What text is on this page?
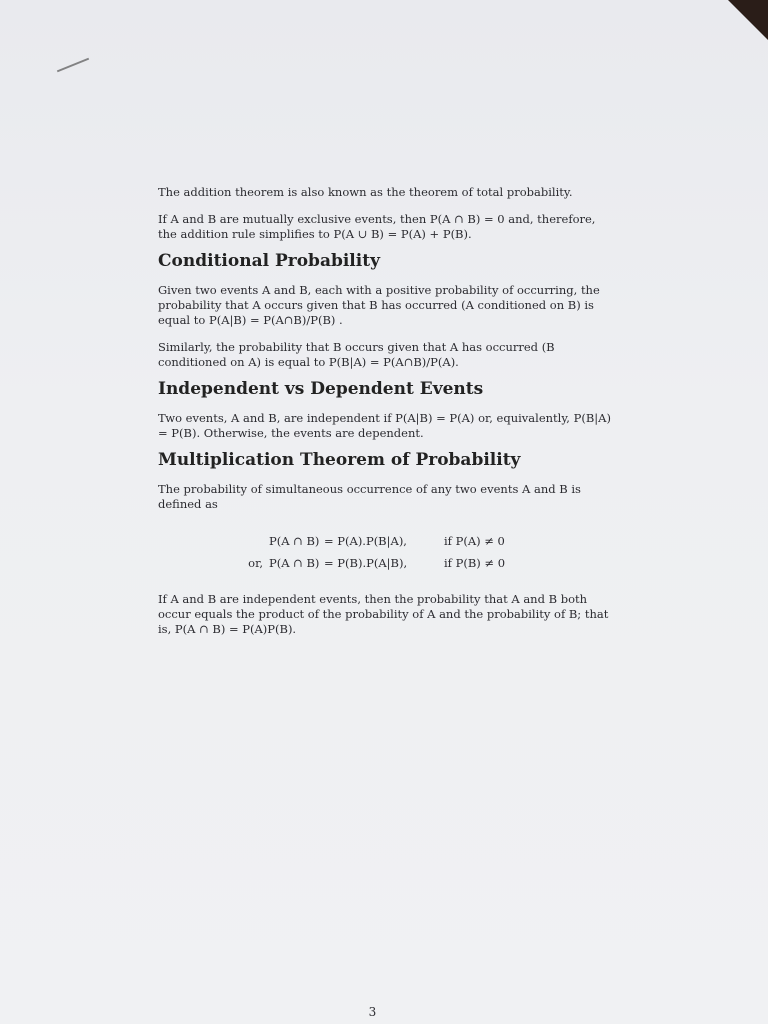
The addition theorem is also known as the theorem of total probability.

If A and B are mutually exclusive events, then P(A ∩ B) = 0 and, therefore, the addition rule simplifies to P(A ∪ B) = P(A) + P(B).

Conditional Probability

Given two events A and B, each with a positive probability of occurring, the probability that A occurs given that B has occurred (A conditioned on B) is equal to P(A|B) = P(A∩B)/P(B) .

Similarly, the probability that B occurs given that A has occurred (B conditioned on A) is equal to P(B|A) = P(A∩B)/P(A).

Independent vs Dependent Events

Two events, A and B, are independent if P(A|B) = P(A) or, equivalently, P(B|A) = P(B). Otherwise, the events are dependent.

Multiplication Theorem of Probability

The probability of simultaneous occurrence of any two events A and B is defined as

P(A ∩ B) = P(A).P(B|A),	if P(A) ≠ 0
or, P(A ∩ B) = P(B).P(A|B),	if P(B) ≠ 0

If A and B are independent events, then the probability that A and B both occur equals the product of the probability of A and the probability of B; that is, P(A ∩ B) = P(A)P(B).

3
